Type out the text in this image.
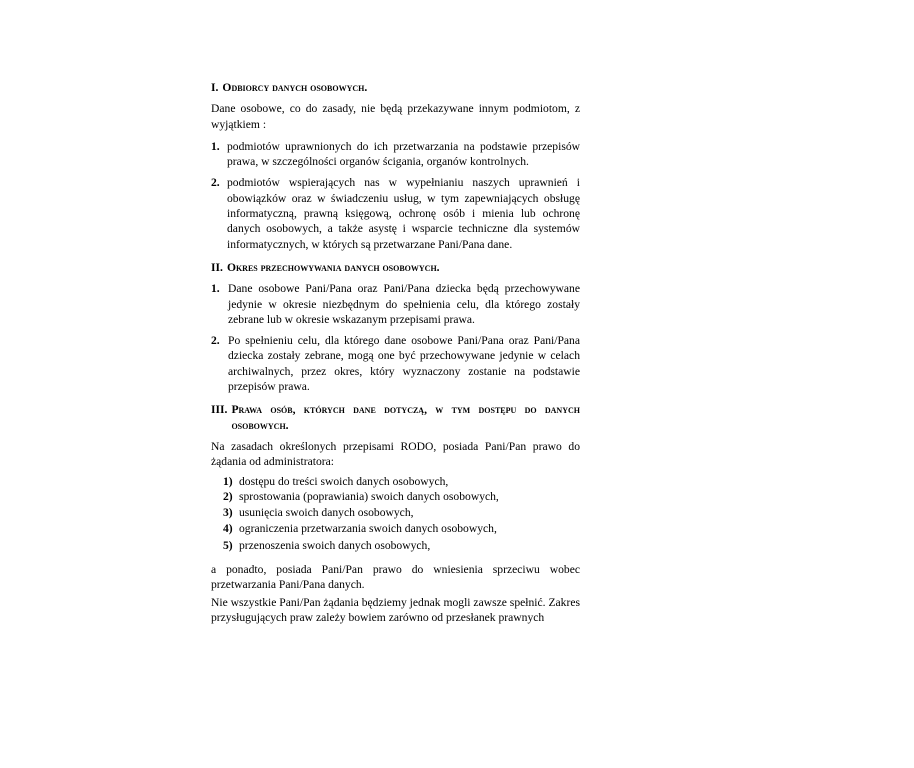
I. Odbiorcy danych osobowych.

Dane osobowe, co do zasady, nie będą przekazywane innym podmiotom, z wyjątkiem :

1. podmiotów uprawnionych do ich przetwarzania na podstawie przepisów prawa, w szczególności organów ścigania, organów kontrolnych.
2. podmiotów wspierających nas w wypełnianiu naszych uprawnień i obowiązków oraz w świadczeniu usług, w tym zapewniających obsługę informatyczną, prawną księgową, ochronę osób i mienia lub ochronę danych osobowych, a także asystę i wsparcie techniczne dla systemów informatycznych, w których są przetwarzane Pani/Pana dane.
II. Okres przechowywania danych osobowych.
1. Dane osobowe Pani/Pana oraz Pani/Pana dziecka będą przechowywane jedynie w okresie niezbędnym do spełnienia celu, dla którego zostały zebrane lub w okresie wskazanym przepisami prawa.
2. Po spełnieniu celu, dla którego dane osobowe Pani/Pana oraz Pani/Pana dziecka zostały zebrane, mogą one być przechowywane jedynie w celach archiwalnych, przez okres, który wyznaczony zostanie na podstawie przepisów prawa.
III. Prawa osób, których dane dotyczą, w tym dostępu do danych osobowych.

Na zasadach określonych przepisami RODO, posiada Pani/Pan prawo do żądania od administratora:

1) dostępu do treści swoich danych osobowych,
2) sprostowania (poprawiania) swoich danych osobowych,
3) usunięcia swoich danych osobowych,
4) ograniczenia przetwarzania swoich danych osobowych,
5) przenoszenia swoich danych osobowych,

a ponadto, posiada Pani/Pan prawo do wniesienia sprzeciwu wobec przetwarzania Pani/Pana danych.

Nie wszystkie Pani/Pan żądania będziemy jednak mogli zawsze spełnić. Zakres przysługujących praw zależy bowiem zarówno od przesłanek prawnych
